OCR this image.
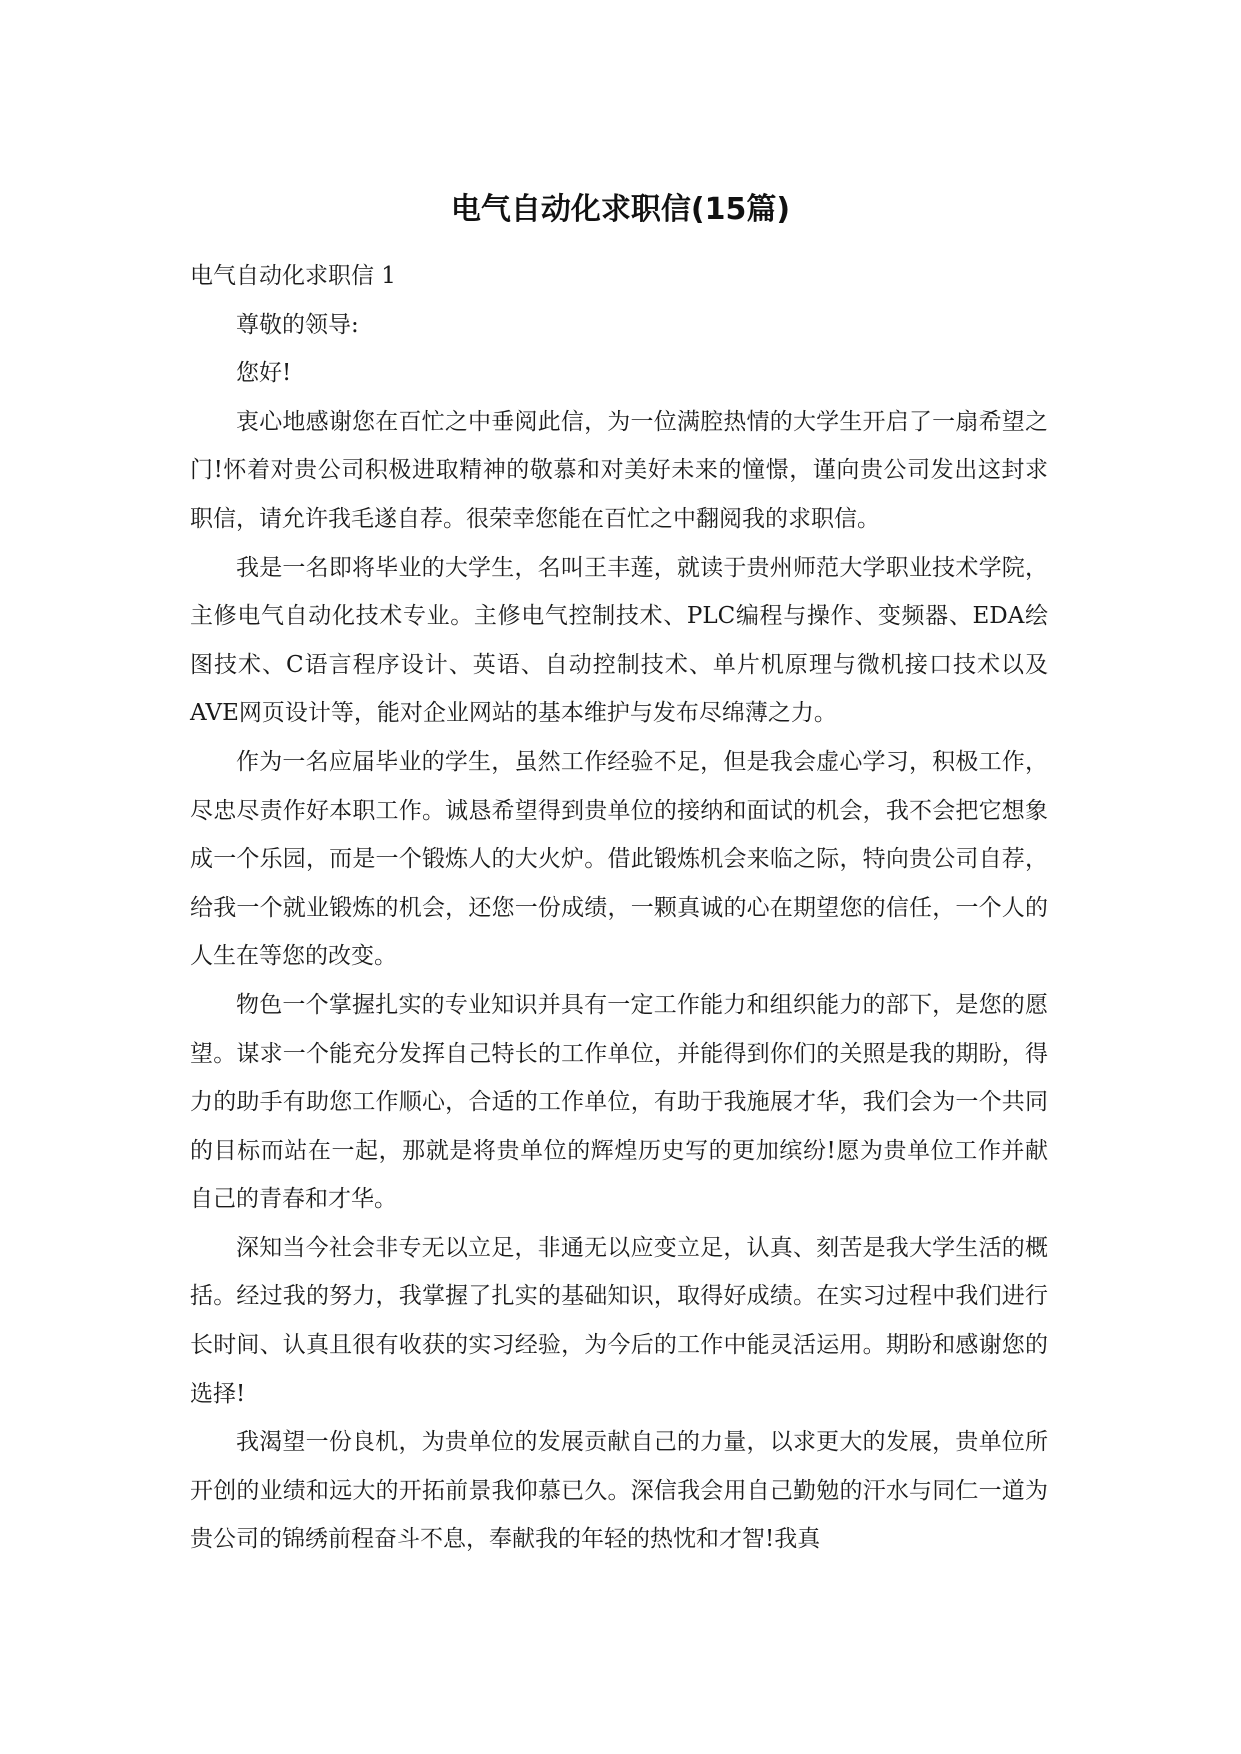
电气自动化求职信(15篇)

电气自动化求职信 1

尊敬的领导:

您好!

衷心地感谢您在百忙之中垂阅此信，为一位满腔热情的大学生开启了一扇希望之门!怀着对贵公司积极进取精神的敬慕和对美好未来的憧憬，谨向贵公司发出这封求职信，请允许我毛遂自荐。很荣幸您能在百忙之中翻阅我的求职信。

我是一名即将毕业的大学生，名叫王丰莲，就读于贵州师范大学职业技术学院，主修电气自动化技术专业。主修电气控制技术、PLC编程与操作、变频器、EDA绘图技术、C语言程序设计、英语、自动控制技术、单片机原理与微机接口技术以及AVE网页设计等，能对企业网站的基本维护与发布尽绵薄之力。

作为一名应届毕业的学生，虽然工作经验不足，但是我会虚心学习，积极工作，尽忠尽责作好本职工作。诚恳希望得到贵单位的接纳和面试的机会，我不会把它想象成一个乐园，而是一个锻炼人的大火炉。借此锻炼机会来临之际，特向贵公司自荐，给我一个就业锻炼的机会，还您一份成绩，一颗真诚的心在期望您的信任，一个人的人生在等您的改变。

物色一个掌握扎实的专业知识并具有一定工作能力和组织能力的部下，是您的愿望。谋求一个能充分发挥自己特长的工作单位，并能得到你们的关照是我的期盼，得力的助手有助您工作顺心，合适的工作单位，有助于我施展才华，我们会为一个共同的目标而站在一起，那就是将贵单位的辉煌历史写的更加缤纷!愿为贵单位工作并献自己的青春和才华。

深知当今社会非专无以立足，非通无以应变立足，认真、刻苦是我大学生活的概括。经过我的努力，我掌握了扎实的基础知识，取得好成绩。在实习过程中我们进行长时间、认真且很有收获的实习经验，为今后的工作中能灵活运用。期盼和感谢您的选择!

我渴望一份良机，为贵单位的发展贡献自己的力量，以求更大的发展，贵单位所开创的业绩和远大的开拓前景我仰慕已久。深信我会用自己勤勉的汗水与同仁一道为贵公司的锦绣前程奋斗不息，奉献我的年轻的热忱和才智!我真
